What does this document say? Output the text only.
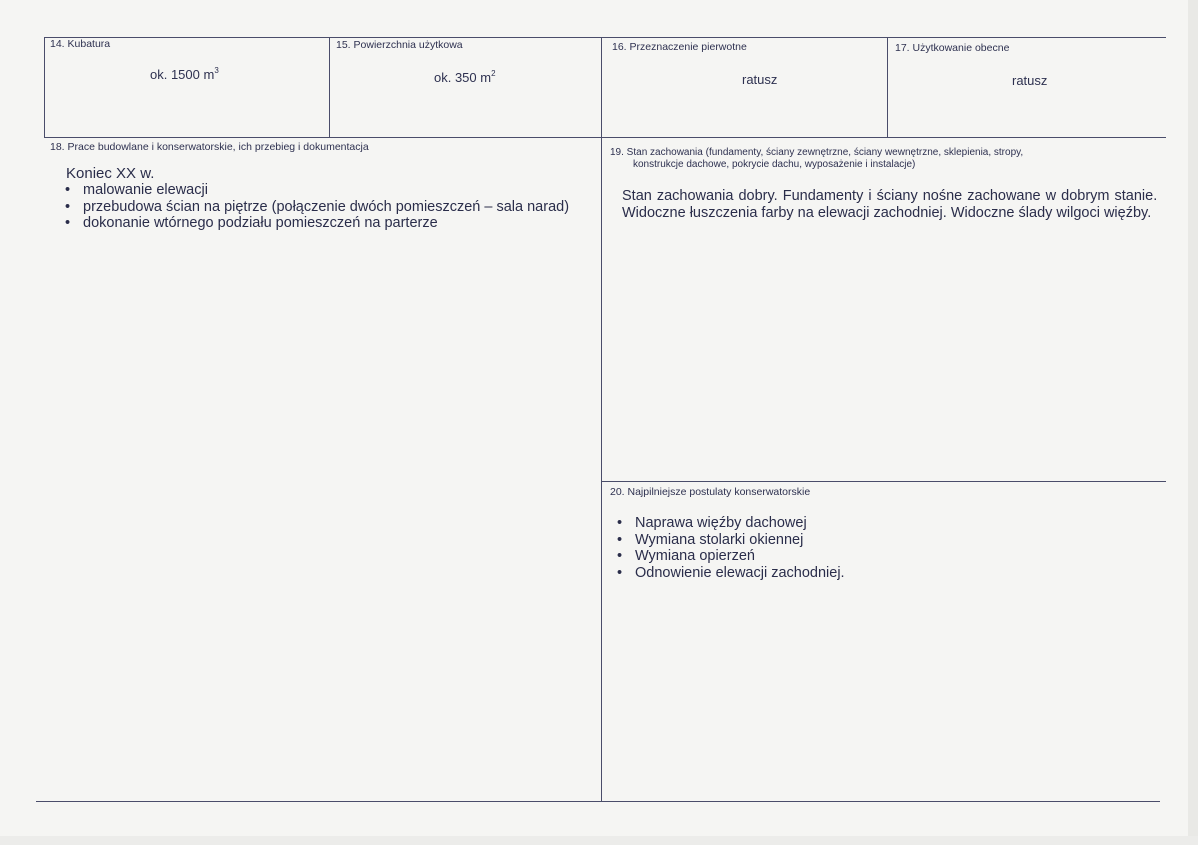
14. Kubatura
ok. 1500 $m^3$
15. Powierzchnia użytkowa
ok. 350 $m^2$
16. Przeznaczenie pierwotne
ratusz
17. Użytkowanie obecne
ratusz
18. Prace budowlane i konserwatorskie, ich przebieg i dokumentacja
Koniec XX w.
• malowanie elewacji
• przebudowa ścian na piętrze (połączenie dwóch pomieszczeń – sala narad)
• dokonanie wtórnego podziału pomieszczeń na parterze
19. Stan zachowania (fundamenty, ściany zewnętrzne, ściany wewnętrzne, sklepienia, stropy,
konstrukcje dachowe, pokrycie dachu, wyposażenie i instalacje)
Stan zachowania dobry. Fundamenty i ściany nośne zachowane w dobrym stanie.
Widoczne łuszczenia farby na elewacji zachodniej. Widoczne ślady wilgoci więźby.
20. Najpilniejsze postulaty konserwatorskie
• Naprawa więźby dachowej
• Wymiana stolarki okiennej
• Wymiana opierzeń
• Odnowienie elewacji zachodniej.
